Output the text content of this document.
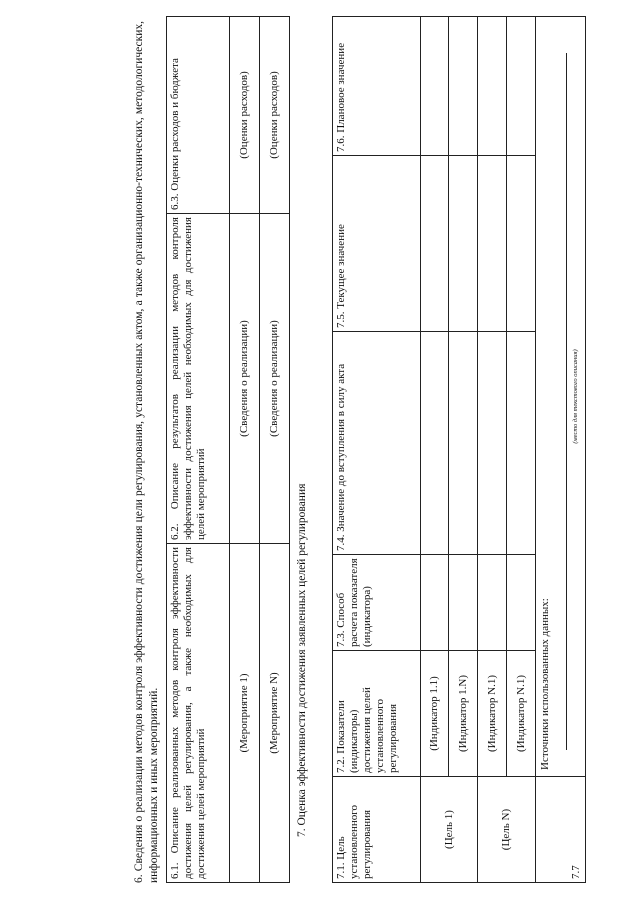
6. Сведения о реализации методов контроля эффективности достижения цели регулирования, установленных актом, а также организационно-технических, методологических, информационных и иных мероприятий. 6.1. Описание реализованных методов контроля эффективности достижения целей регулирования, а также необходимых для достижения целей мероприятий	6.2. Описание результатов реализации методов контроля эффективности достижения целей необходимых для достижения целей мероприятий	6.3. Оценки расходов и бюджета
(Мероприятие 1)	(Сведения о реализации)	(Оценки расходов)
(Мероприятие N)	(Сведения о реализации)	(Оценки расходов)
7. Оценка эффективности достижения заявленных целей регулирования
7.1. Цель установленного регулирования	7.2. Показатели (индикаторы) достижения целей установленного регулирования	7.3. Способ расчета показателя (индикатора)	7.4. Значение до вступления в силу акта	7.5. Текущее значение	7.6. Плановое значение
(Цель 1)	(Индикатор 1.1)				
	(Индикатор 1.N)				
(Цель N)	(Индикатор N.1)				
	(Индикатор N.1)				
7.7	Источники использованных данных:
(место для текстового описания)				
